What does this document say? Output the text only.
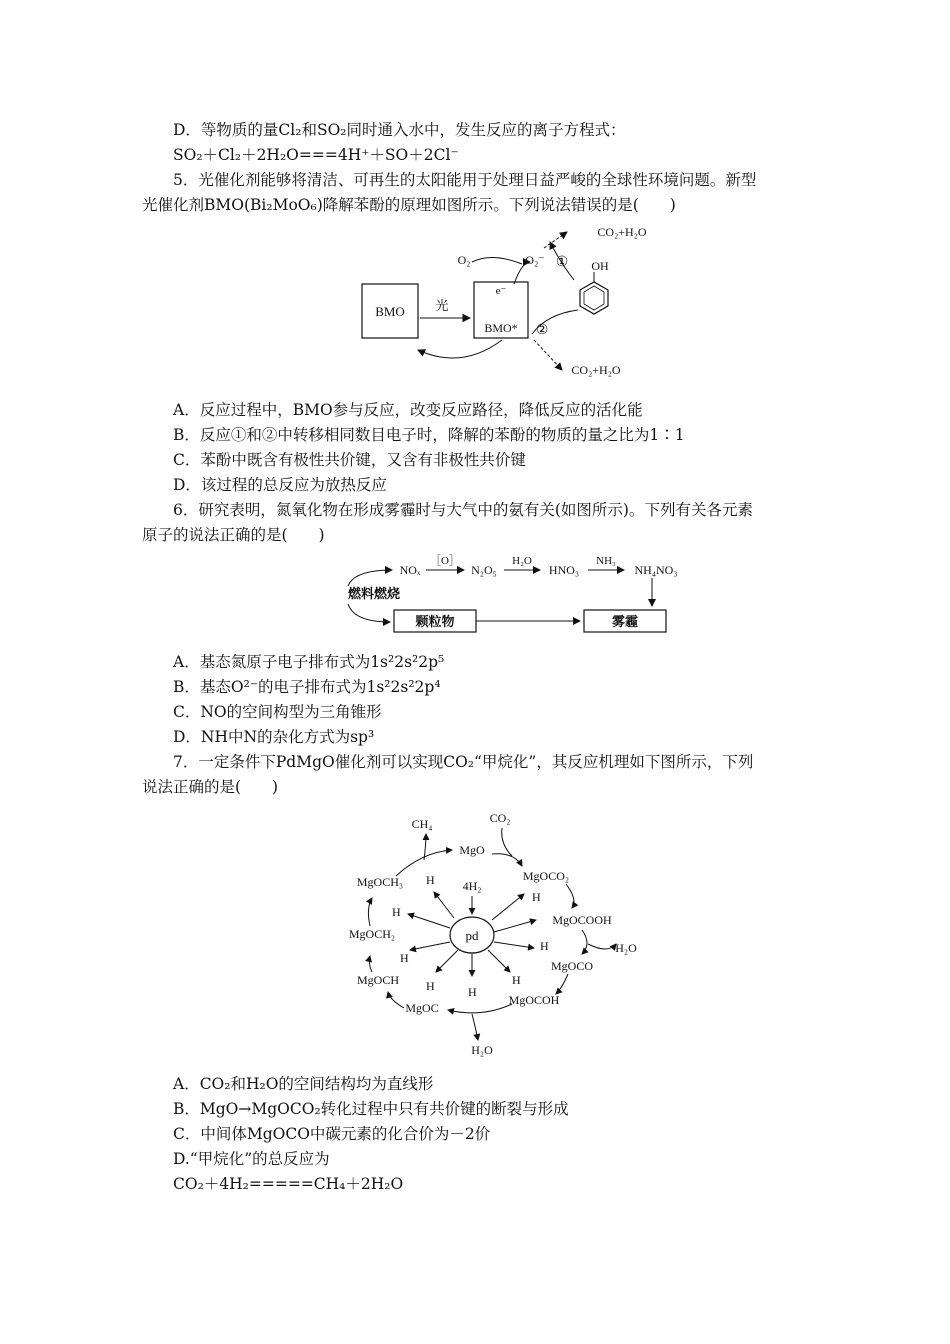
D．等物质的量Cl₂和SO₂同时通入水中，发生反应的离子方程式：
SO₂＋Cl₂＋2H₂O===4H⁺＋SO＋2Cl⁻
5．光催化剂能够将清洁、可再生的太阳能用于处理日益严峻的全球性环境问题。新型
光催化剂BMO(Bi₂MoO₆)降解苯酚的原理如图所示。下列说法错误的是(　　)
BMO 光
BMO*
e⁻
O₂	O₂⁻
CO₂+H₂O
① OH
②
CO₂+H₂O
A．反应过程中，BMO参与反应，改变反应路径，降低反应的活化能
B．反应①和②中转移相同数目电子时，降解的苯酚的物质的量之比为1∶1
C．苯酚中既含有极性共价键，又含有非极性共价键
D．该过程的总反应为放热反应
6．研究表明，氮氧化物在形成雾霾时与大气中的氨有关(如图所示)。下列有关各元素
原子的说法正确的是(　　)
燃料燃烧
NOₓ
［O］
N₂O₅
H₂O
HNO₃
NH₃
NH₄NO₃
颗粒物	雾霾
A．基态氮原子电子排布式为1s²2s²2p⁵
B．基态O²⁻的电子排布式为1s²2s²2p⁴
C．NO的空间构型为三角锥形
D．NH中N的杂化方式为sp³
7．一定条件下PdMgO催化剂可以实现CO₂“甲烷化”，其反应机理如下图所示，下列
说法正确的是(　　)
pd
4H₂
H
H
H
H
H
H
H
H
MgO
CO₂
MgOCO₂
MgOCOOH
H₂O
MgOCO
MgOCOH
H₂O
MgOC
MgOCH
MgOCH₂
MgOCH₃
CH₄
A．CO₂和H₂O的空间结构均为直线形
B．MgO→MgOCO₂转化过程中只有共价键的断裂与形成
C．中间体MgOCO中碳元素的化合价为－2价
D.“甲烷化”的总反应为
CO₂＋4H₂=====CH₄＋2H₂O
